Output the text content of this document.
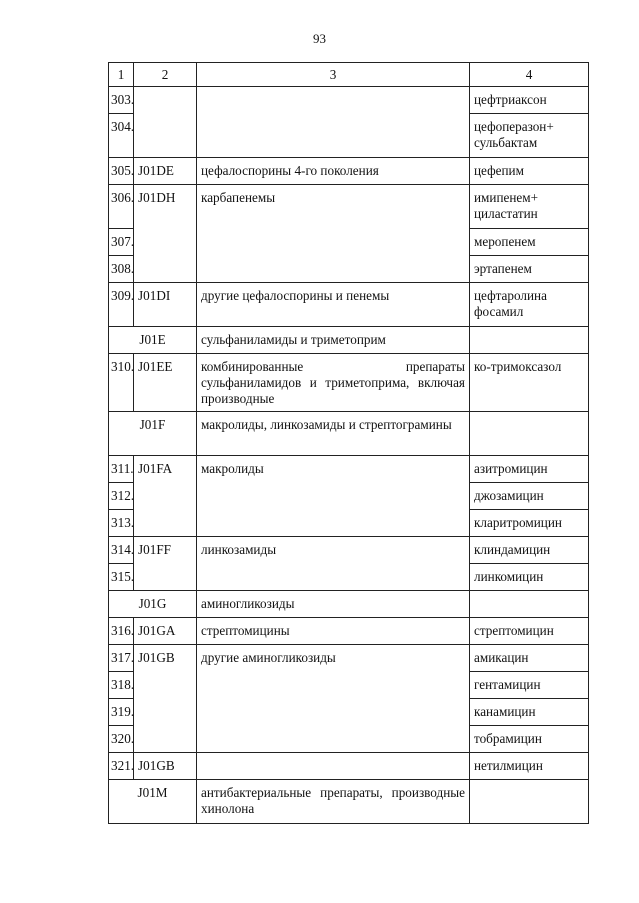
93
1	2	3	4
303.			цефтриаксон
304.			цефоперазон+ сульбактам
305.	J01DE	цефалоспорины 4-го поколения	цефепим
306.	J01DH	карбапенемы	имипенем+ циластатин
307.			меропенем
308.			эртапенем
309.	J01DI	другие цефалоспорины и пенемы	цефтаролина фосамил
J01E		сульфаниламиды и триметоприм	
310.	J01EE	комбинированные препараты сульфаниламидов и триметоприма, включая производные	ко-тримоксазол
J01F		макролиды, линкозамиды и стрептограмины	
311.	J01FA	макролиды	азитромицин
312.			джозамицин
313.			кларитромицин
314.	J01FF	линкозамиды	клиндамицин
315.			линкомицин
J01G		аминогликозиды	
316.	J01GA	стрептомицины	стрептомицин
317.	J01GB	другие аминогликозиды	амикацин
318.			гентамицин
319.			канамицин
320.			тобрамицин
321.	J01GB		нетилмицин
J01M		антибактериальные препараты, производные хинолона	
